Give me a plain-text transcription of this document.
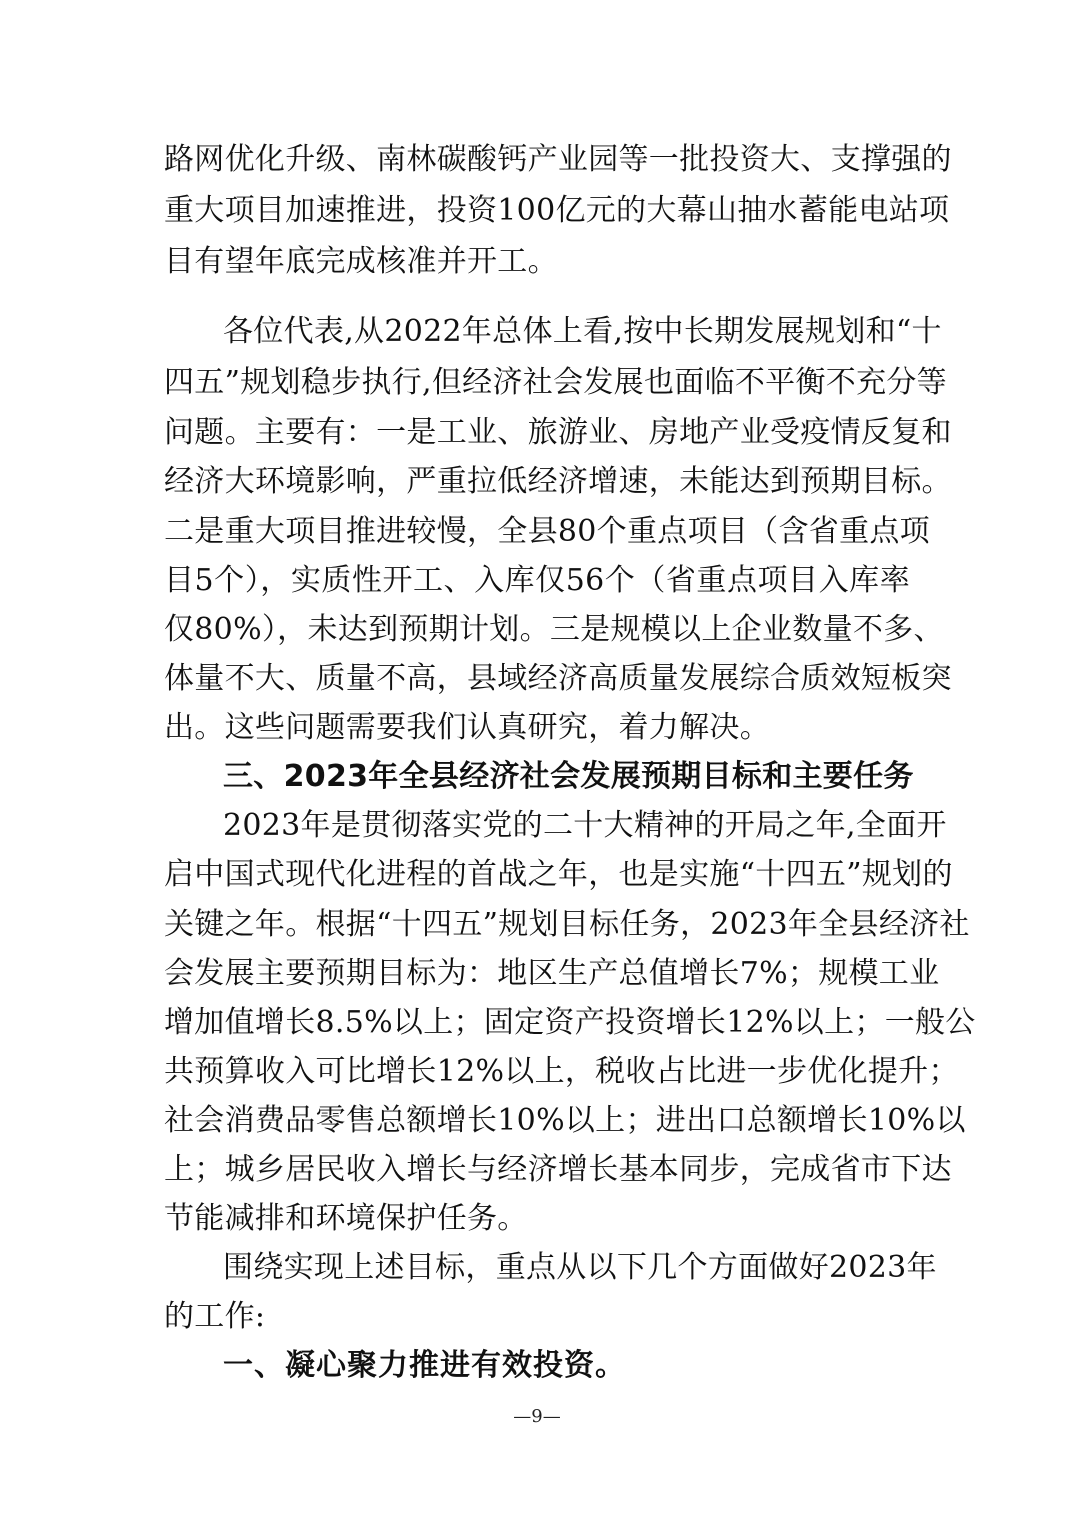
路网优化升级、南林碳酸钙产业园等一批投资大、支撑强的

重大项目加速推进，投资100亿元的大幕山抽水蓄能电站项

目有望年底完成核准并开工。

各位代表,从2022年总体上看,按中长期发展规划和“十

四五”规划稳步执行,但经济社会发展也面临不平衡不充分等

问题。主要有：一是工业、旅游业、房地产业受疫情反复和

经济大环境影响，严重拉低经济增速，未能达到预期目标。

二是重大项目推进较慢，全县80个重点项目（含省重点项

目5个），实质性开工、入库仅56个（省重点项目入库率

仅80%），未达到预期计划。三是规模以上企业数量不多、

体量不大、质量不高，县域经济高质量发展综合质效短板突

出。这些问题需要我们认真研究，着力解决。

三、2023年全县经济社会发展预期目标和主要任务

2023年是贯彻落实党的二十大精神的开局之年,全面开

启中国式现代化进程的首战之年，也是实施“十四五”规划的

关键之年。根据“十四五”规划目标任务，2023年全县经济社

会发展主要预期目标为：地区生产总值增长7%；规模工业

增加值增长8.5%以上；固定资产投资增长12%以上；一般公

共预算收入可比增长12%以上，税收占比进一步优化提升；

社会消费品零售总额增长10%以上；进出口总额增长10%以

上；城乡居民收入增长与经济增长基本同步，完成省市下达

节能减排和环境保护任务。

围绕实现上述目标，重点从以下几个方面做好2023年

的工作:

一、凝心聚力推进有效投资。

—9—
